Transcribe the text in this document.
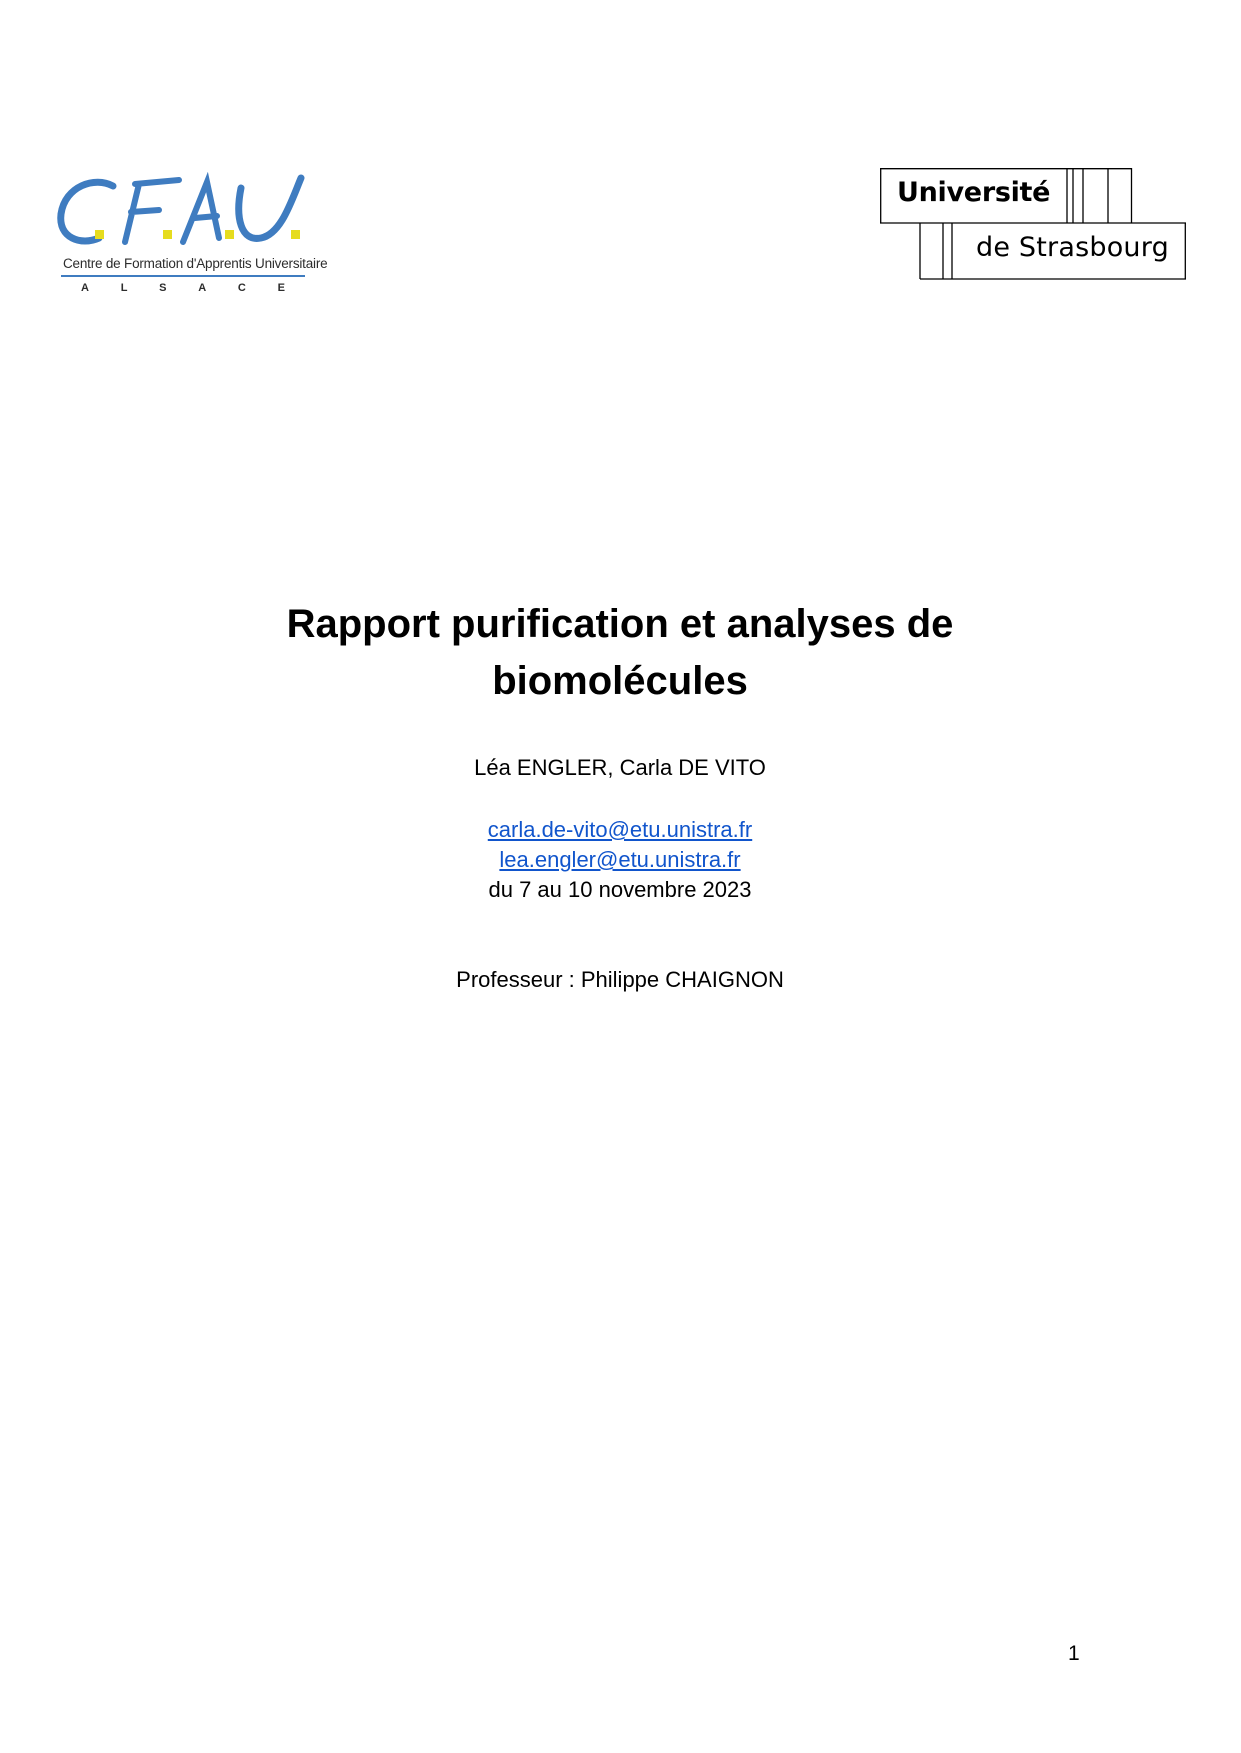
Centre de Formation d'Apprentis Universitaire
A	L	S	A	C	E
Université
de Strasbourg
Rapport purification et analyses de biomolécules
Léa ENGLER, Carla DE VITO
carla.de-vito@etu.unistra.fr
lea.engler@etu.unistra.fr
du 7 au 10 novembre 2023
Professeur : Philippe CHAIGNON
1
